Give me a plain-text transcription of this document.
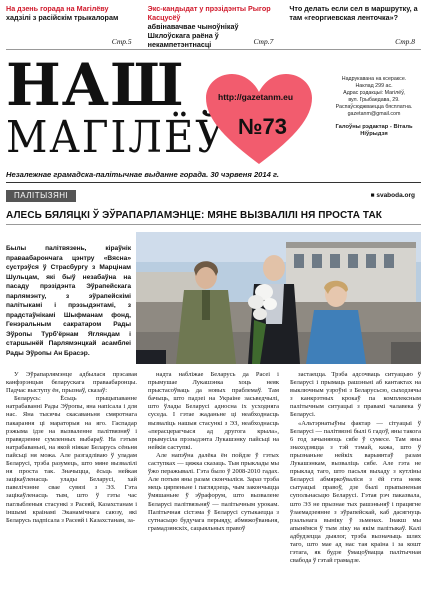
На дзень горада на Магілёву
хадзілі з расійскім трыкалорам
Стр.5
Экс-кандыдат у прэзідэнты Рыгор Касцусёў
абвінавачвае чыноўнікаў Шклоўскага раёна ў некампетэнтнасці	Стр.7
Что делать если сел в маршрутку, а там «георгиевская ленточка»?
Стр.8
НАШ
МАГІЛЁЎ
http://gazetanm.eu
№73
Надрукавана на ксераксе.
Наклад 299 ас.
Адрас рэдакцыі: Магілёў,
вул. Грыбаедава, 29.
Распаўсюджваецца бясплатна.
gazetanm@gmail.com
Галоўны рэдактар - Віталь Ніўрыдзя
Незалежнае грамадска-палітычнае выданне горада. 30 чэрвеня 2014 г.
ПАЛІТЫЗЯНІ	■ svaboda.org
АЛЕСЬ БЯЛЯЦКІ Ў ЭЎРАПАРЛАМЭНЦЕ: МЯНЕ ВЫЗВАЛІЛІ НЯ ПРОСТА ТАК
Былы палітвязень, кіраўнік праваабарончага цэнтру «Вясна» сустрэўся ў Страсбургу з Марцінам Шульцам, які быў незабаўна на пасаду прэзідэнта Эўрапейскага парлямэнту, з эўрапейскімі палітыкамі і прэзыдэнтамі, з прадстаўнікамі Шыфманам фонд, Генэральным сакратаром Рады Эўропы Турб'ёрнам Ягляндам і старшынёй Парлямэнцкай асамблеі Рады Эўропы Ан Брасэр.

У Эўрапарлямэнце адбылася прэсавая канфэрэнцыя беларускага праваабаронцы. Падчас выступу ён, прызнаў, сказаў:

Беларусь: Ёсьць прыцыпаванне натрабаванні Рады Эўропы, яна напісала і для нас. Яна тысячы скасаваньня смяротнага пакарання ці мараторыя на яго. Гаспадар рэжыма ідзе на вызваленне палітвязняў і правядзенне сумленных выбараў. На гэтым натрабаваньні, на якой ніякае Беларусь сёньня пайсьці ня можа. Але разгадліваю ў уладам Беларусі, трэба разумець, што мяне вызвалілі ня проста так. Значыцца, ёсьць нейкая зацікаўленасць улады Беларусі, хай павелічэнне свае сувязі з ЭЗ. Гэта зацікаўленасць тым, што ў гэты час паглыбленыя стасункі з Расеяй, Казахстанам і іншымі краінамі Эканамічнага саюзу, які Беларусь падпісала з Расеяй і Казахстанам, за-

надта набліжае Беларусь да Расеі і прымушае Лукашэнка хоць неяк прыстасоўваць да новых праблемаў. Там бачыць, што падзеі на Украіне засьведчылі, што ўлады Беларусі адносна іх усходняга суседа. І гэтае жаданьне ці неабходнасць вызваліць нашыя стасункі з ЭЗ, неабходнасць «перасцерагчыся ад другога крыла», прымусіла прэзыдэнта Лукашэнку пайсьці на нейкія саступкі.

Але напэўна далёка ён пойдзе ў гэтых саступках — цяжка сказаць. Тыя прыклады мы ўжо перажывалі. Гэта было ў 2008-2010 гадах. Але потым яны разам скончыліся. Зараз трэба мець цярпеньне і паглядзець, чым закончыцца ўмяшаньне ў эўрафорум, што вызвалене Беларусі палітвязьняў — палітычным урокам. Палітычная сістэма ў Беларусі сутыкаецца з сутнасьцю будучага перыяду, абмяжоўваньня, грамадзянскіх, сацыяльных правоў

застаецца. Трэба адсочваць ситуацыю ў Беларусі і прымаць рашэньні аб кантактах на выключным узроўні з Беларусьсю, сыходзячы з канкрэтных крокаў па комплексным палітычным ситуацыі з правамі чалавека ў Беларусі.

«Альтэрнатыўны фактар — сітуацыі ў Беларусі — палітвязні былі 6 гадоў, яны такога 6 год зачыняюць сябе ў сумесе. Там яны знаходзяцца з тэй тэмай, кажа, што ў прызнаньне нейкіх варыянтаў разам Лукашэнкам, вызваліць сябе. Але гэта не прыклад таго, што пасьля выхаду з кутліны Беларусі абмяркоўваліся з ёй гэта неяк сытуацыі правоў, дзе былі прыпыненыя супольнасьцю Беларусі. Гэтая рэч паказвала, што ЭЗ не прызнае тых рашэньняў і працягне ўзаемадзеянне з эўрапейскай, каб дасягнуць рэальнага выніку ў зьменах. Інакш мы апынёмся ў тым ліку на якім палітыкаў. Калі адбудзецца дыялог, трэба вызначыць шлях таго, што мае ад нас тая краіна і за кошт гэтага, як будзе ўмацоўвацца палітычная свабода ў гэтай грамадзе.
